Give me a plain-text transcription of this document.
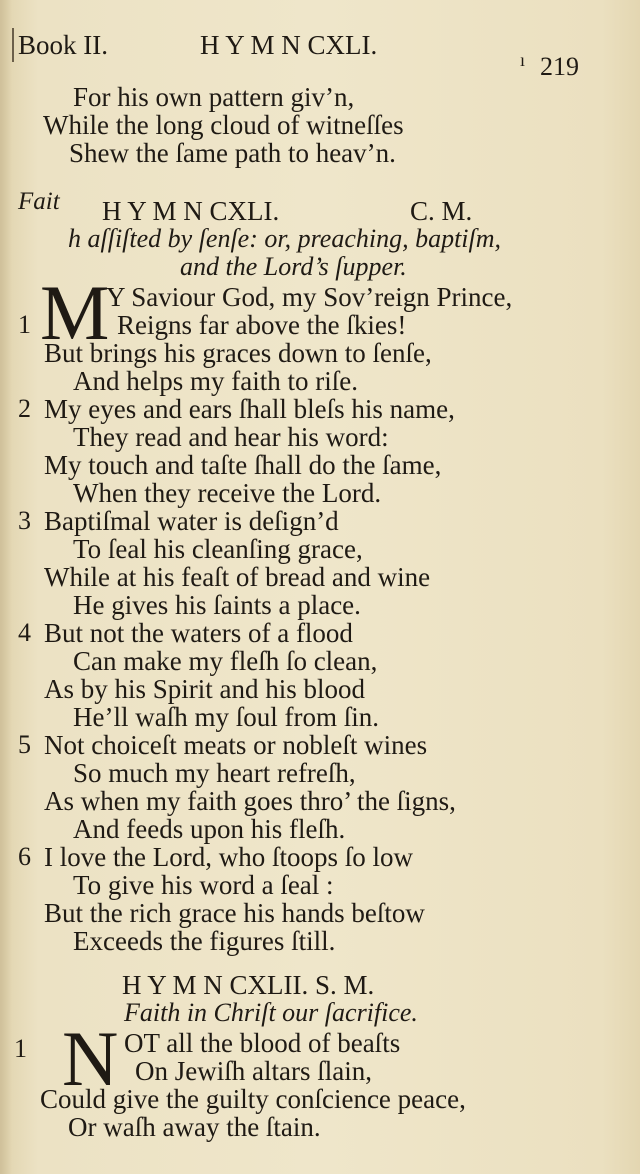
Book II.	H Y M N CXLI.	ı 219
For his own pattern giv’n,
While the long cloud of witneſſes
Shew the ſame path to heav’n.
Fait H Y M N CXLI.	C. M.
h aſſiſted by ſenſe: or, preaching, baptiſm,
and the Lord’s ſupper.
M
1
Y Saviour God, my Sov’reign Prince,
Reigns far above the ſkies!
But brings his graces down to ſenſe,
And helps my faith to riſe.
2 My eyes and ears ſhall bleſs his name,
They read and hear his word:
My touch and taſte ſhall do the ſame,
When they receive the Lord.
3 Baptiſmal water is deſign’d
To ſeal his cleanſing grace,
While at his feaſt of bread and wine
He gives his ſaints a place.
4 But not the waters of a flood
Can make my fleſh ſo clean,
As by his Spirit and his blood
He’ll waſh my ſoul from ſin.
5 Not choiceſt meats or nobleſt wines
So much my heart refreſh,
As when my faith goes thro’ the ſigns,
And feeds upon his fleſh.
6 I love the Lord, who ſtoops ſo low
To give his word a ſeal :
But the rich grace his hands beſtow
Exceeds the figures ſtill.
H Y M N CXLII. S. M.
Faith in Chriſt our ſacrifice.
1 N OT all the blood of beaſts
On Jewiſh altars ſlain,
Could give the guilty conſcience peace,
Or waſh away the ſtain.
